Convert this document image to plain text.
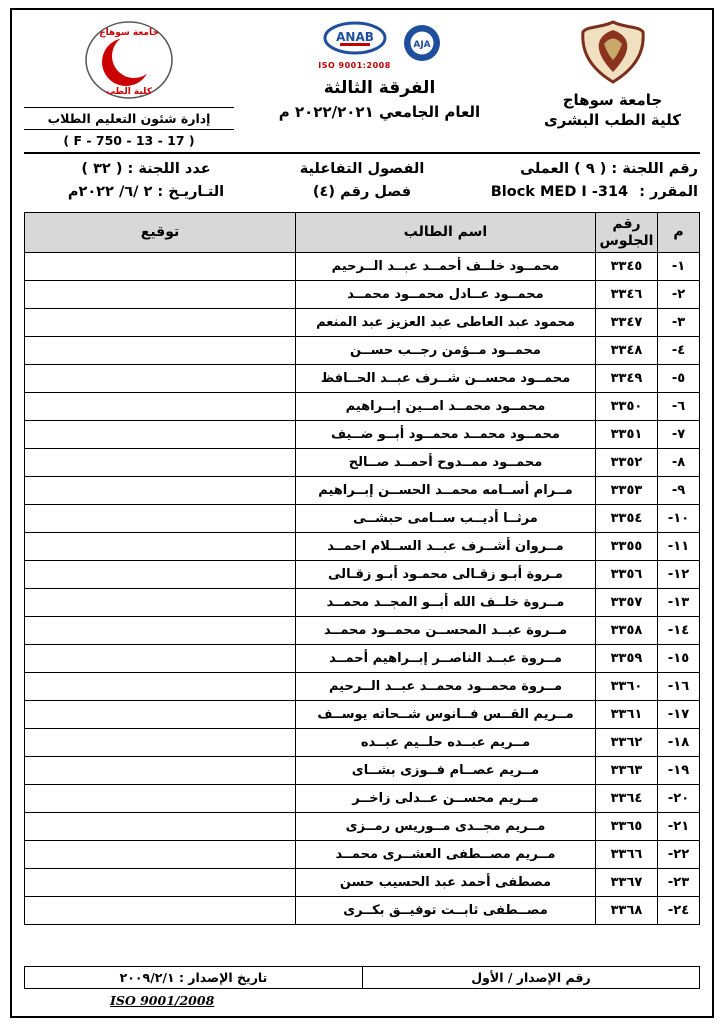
جامعة سوهاج
كلية الطب البشرى
ANAB
ISO 9001:2008
AJA
الفرقة الثالثة
العام الجامعي ٢٠٢٢/٢٠٢١ م
جامعة سوهاج
كلية الطب
إدارة شئون التعليم الطلاب
( F - 750 - 13 - 17 )
رقم اللجنة : ( ٩ ) العملى
الفصول التفاعلية
عدد اللجنة : ( ٣٢ )
المقرر : Block MED I -314
فصل رقم (٤)
التـاريـخ : ٢ /٦/ ٢٠٢٢م
م	رقم الجلوس	اسم الطالب	توقيع
١-	٣٣٤٥	محمــود خلــف أحمــد عبــد الــرحيم	
٢-	٣٣٤٦	محمــود عــادل محمــود محمــد	
٣-	٣٣٤٧	محمود عبد العاطى عبد العزيز عبد المنعم	
٤-	٣٣٤٨	محمــود مــؤمن رجــب حســن	
٥-	٣٣٤٩	محمــود محســن شــرف عبــد الحــافظ	
٦-	٣٣٥٠	محمــود محمــد امــين إبــراهيم	
٧-	٣٣٥١	محمــود محمــد محمــود أبــو ضــيف	
٨-	٣٣٥٢	محمــود ممــدوح أحمــد صــالح	
٩-	٣٣٥٣	مــرام أســامه محمــد الحســن إبــراهيم	
١٠-	٣٣٥٤	مرثــا أديــب ســامى حبشــى	
١١-	٣٣٥٥	مــروان أشــرف عبــد الســلام احمــد	
١٢-	٣٣٥٦	مـروة أبـو زقـالى محمـود أبـو زقـالى	
١٣-	٣٣٥٧	مــروة خلــف الله أبــو المجــد محمــد	
١٤-	٣٣٥٨	مــروة عبــد المحســن محمــود محمــد	
١٥-	٣٣٥٩	مــروة عبــد الناصــر إبــراهيم أحمــد	
١٦-	٣٣٦٠	مــروة محمــود محمــد عبــد الــرحيم	
١٧-	٣٣٦١	مــريم القــس فــانوس شــحاته يوســف	
١٨-	٣٣٦٢	مــريم عبــده حلــيم عبــده	
١٩-	٣٣٦٣	مــريم عصــام فــوزى بشــاى	
٢٠-	٣٣٦٤	مــريم محســن عــدلى زاخــر	
٢١-	٣٣٦٥	مــريم مجــدى مــوريس رمــزى	
٢٢-	٣٣٦٦	مــريم مصــطفى العشــرى محمــد	
٢٣-	٣٣٦٧	مصطفى أحمد عبد الحسيب حسن	
٢٤-	٣٣٦٨	مصــطفى ثابــت توفيــق بكــرى	
رقم الإصدار / الأول
تاريخ الإصدار : ٢٠٠٩/٢/١
ISO 9001/2008
